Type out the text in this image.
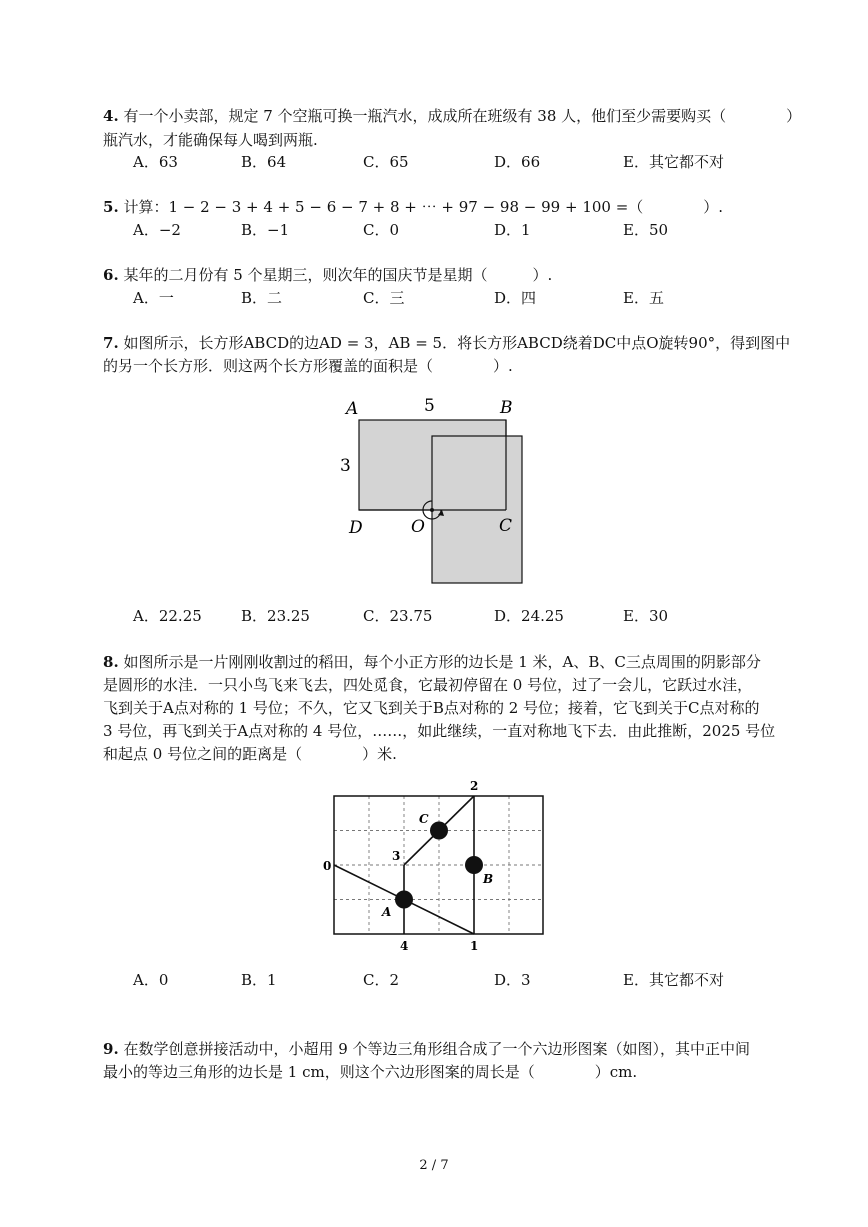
4. 有一个小卖部，规定 7 个空瓶可换一瓶汽水，成成所在班级有 38 人，他们至少需要购买（　　　　）
瓶汽水，才能确保每人喝到两瓶.
A．63	B．64	C．65	D．66	E．其它都不对
5. 计算：1 − 2 − 3 + 4 + 5 − 6 − 7 + 8 + ⋯ + 97 − 98 − 99 + 100 =（　　　　）.
A．−2	B．−1	C．0	D．1	E．50
6. 某年的二月份有 5 个星期三，则次年的国庆节是星期（　　　）.
A．一	B．二	C．三	D．四	E．五
7. 如图所示，长方形ABCD的边AD = 3，AB = 5．将长方形ABCD绕着DC中点O旋转90°，得到图中
的另一个长方形．则这两个长方形覆盖的面积是（　　　　）.
A	5	B
3
D	O	C
A．22.25	B．23.25	C．23.75	D．24.25	E．30
8. 如图所示是一片刚刚收割过的稻田，每个小正方形的边长是 1 米，A、B、C三点周围的阴影部分
是圆形的水洼．一只小鸟飞来飞去，四处觅食，它最初停留在 0 号位，过了一会儿，它跃过水洼，
飞到关于A点对称的 1 号位；不久，它又飞到关于B点对称的 2 号位；接着，它飞到关于C点对称的
3 号位，再飞到关于A点对称的 4 号位，……，如此继续，一直对称地飞下去．由此推断，2025 号位
和起点 0 号位之间的距离是（　　　　）米.
0
1
2
3
4
A
B
C
A．0	B．1	C．2	D．3	E．其它都不对
9. 在数学创意拼接活动中，小超用 9 个等边三角形组合成了一个六边形图案（如图），其中正中间
最小的等边三角形的边长是 1 cm，则这个六边形图案的周长是（　　　　）cm.
2 / 7
